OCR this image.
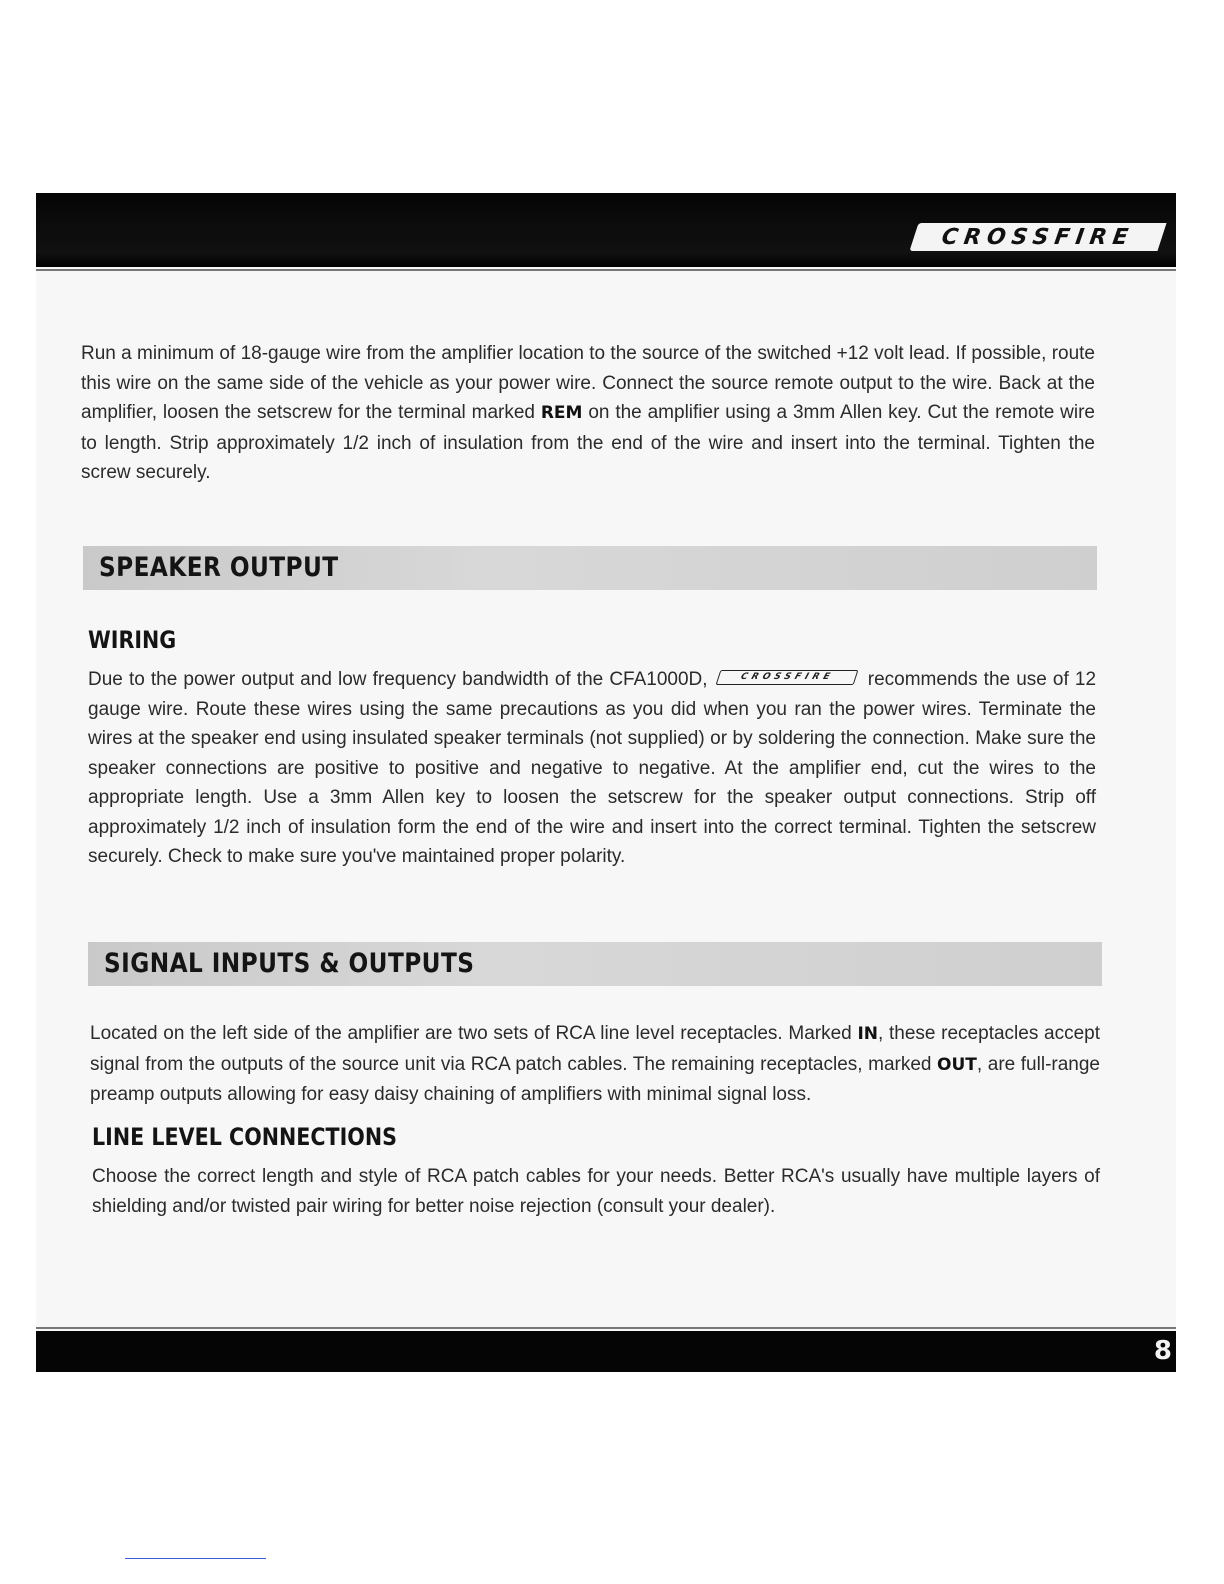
CROSSFIRE

Run a minimum of 18-gauge wire from the amplifier location to the source of the switched +12 volt lead. If possible, route this wire on the same side of the vehicle as your power wire. Connect the source remote output to the wire. Back at the amplifier, loosen the setscrew for the terminal marked REM on the amplifier using a 3mm Allen key. Cut the remote wire to length. Strip approximately 1/2 inch of insulation from the end of the wire and insert into the terminal. Tighten the screw securely.

SPEAKER OUTPUT
WIRING

Due to the power output and low frequency bandwidth of the CFA1000D,	CROSSFIRE recommends the use of 12 gauge wire. Route these wires using the same precautions as you did when you ran the power wires. Terminate the wires at the speaker end using insulated speaker terminals (not supplied) or by soldering the connection. Make sure the speaker connections are positive to positive and negative to negative. At the amplifier end, cut the wires to the appropriate length. Use a 3mm Allen key to loosen the setscrew for the speaker output connections. Strip off approximately 1/2 inch of insulation form the end of the wire and insert into the correct terminal. Tighten the setscrew securely. Check to make sure you've maintained proper polarity.

SIGNAL INPUTS & OUTPUTS

Located on the left side of the amplifier are two sets of RCA line level receptacles. Marked IN, these receptacles accept signal from the outputs of the source unit via RCA patch cables. The remaining receptacles, marked OUT, are full-range preamp outputs allowing for easy daisy chaining of amplifiers with minimal signal loss.

LINE LEVEL CONNECTIONS

Choose the correct length and style of RCA patch cables for your needs. Better RCA's usually have multiple layers of shielding and/or twisted pair wiring for better noise rejection (consult your dealer).

8
